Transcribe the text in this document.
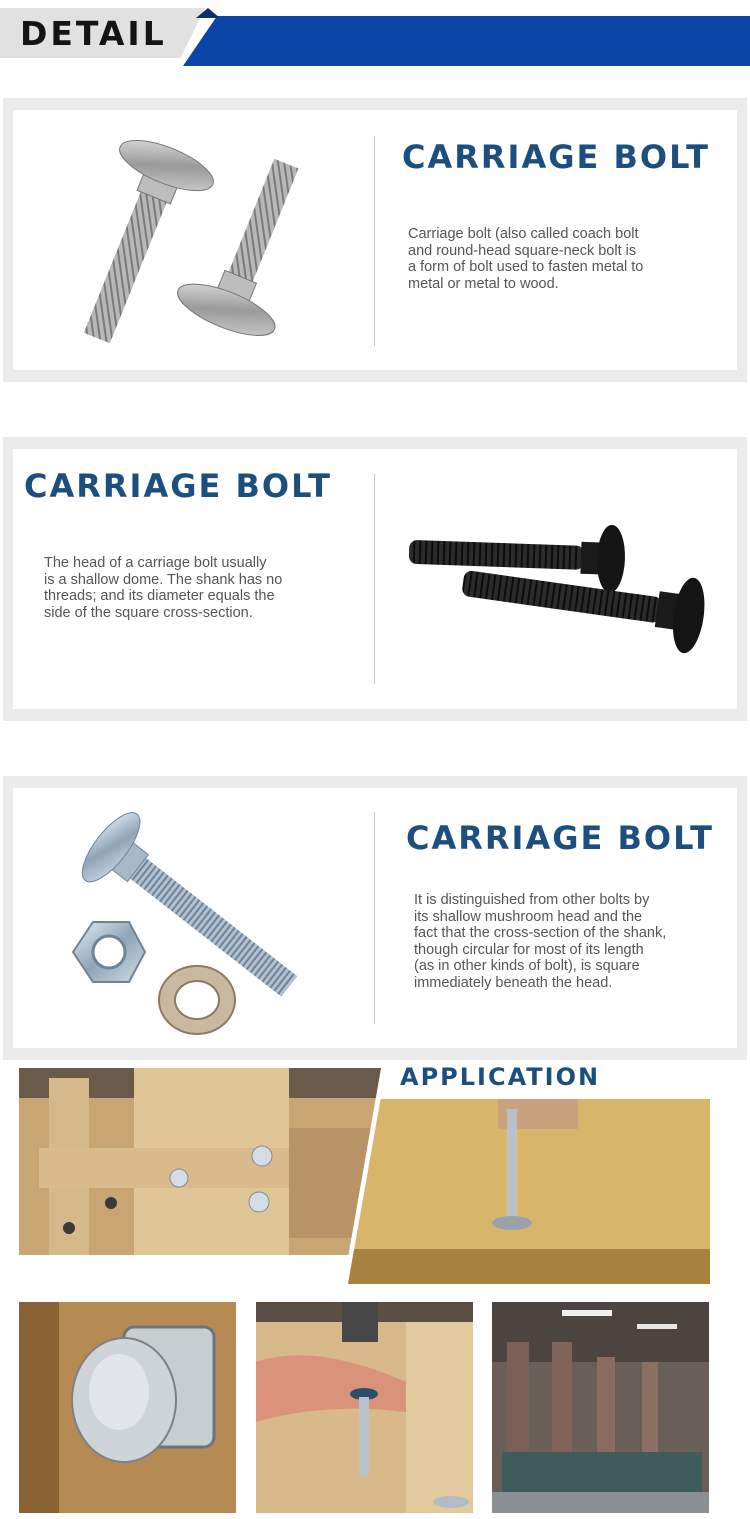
DETAIL
CARRIAGE BOLT

Carriage bolt (also called coach bolt
and round-head square-neck bolt is
a form of bolt used to fasten metal to
metal or metal to wood.

CARRIAGE BOLT

The head of a carriage bolt usually
is a shallow dome. The shank has no
threads; and its diameter equals the
side of the square cross-section.

CARRIAGE BOLT

It is distinguished from other bolts by
its shallow mushroom head and the
fact that the cross-section of the shank,
though circular for most of its length
(as in other kinds of bolt), is square
immediately beneath the head.

APPLICATION
